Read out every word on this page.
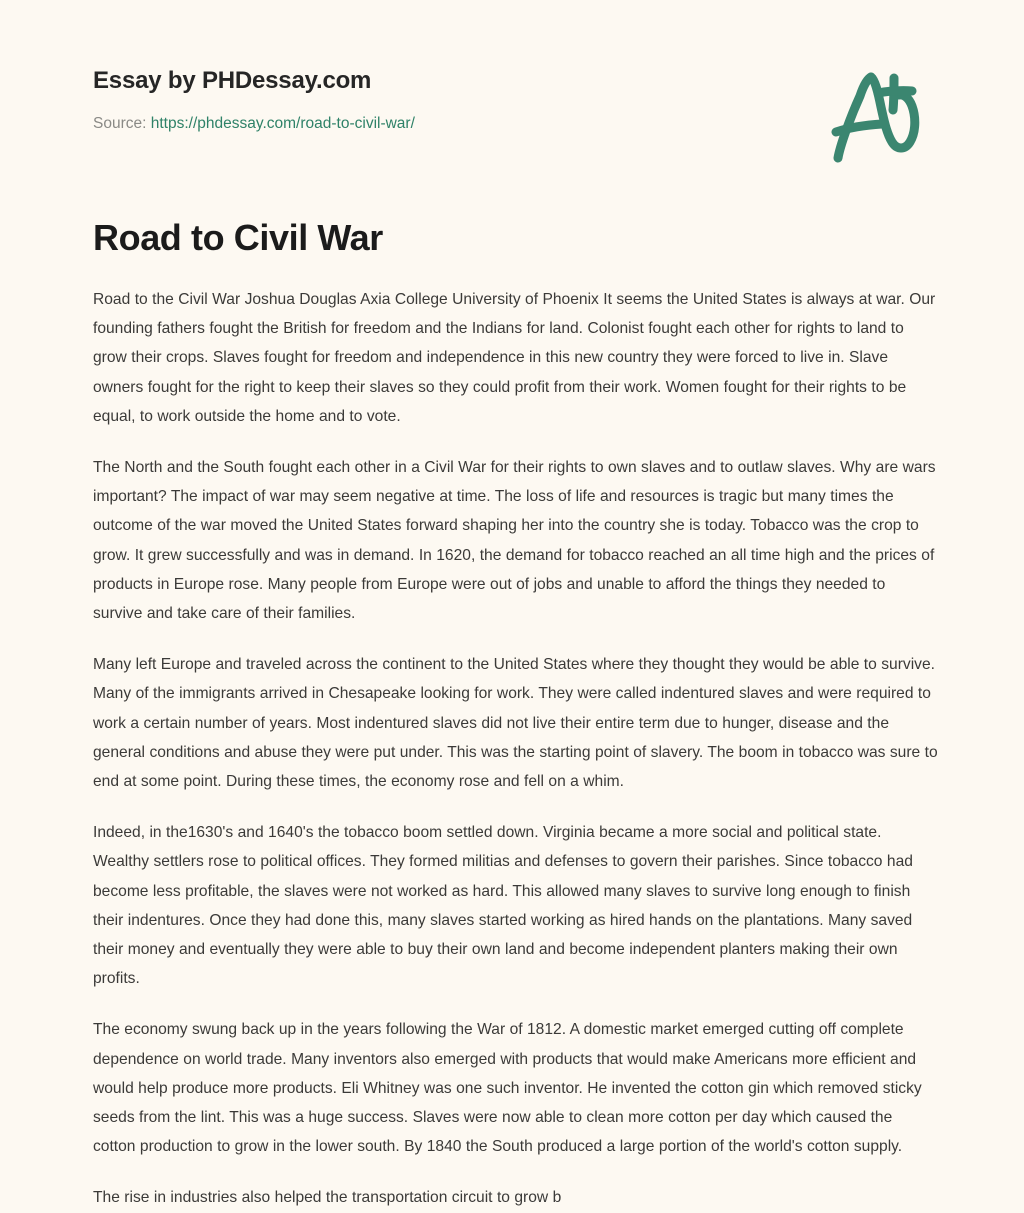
Essay by PHDessay.com
Source: https://phdessay.com/road-to-civil-war/
Road to Civil War

Road to the Civil War Joshua Douglas Axia College University of Phoenix It seems the United States is always at war. Our founding fathers fought the British for freedom and the Indians for land. Colonist fought each other for rights to land to grow their crops. Slaves fought for freedom and independence in this new country they were forced to live in. Slave owners fought for the right to keep their slaves so they could profit from their work. Women fought for their rights to be equal, to work outside the home and to vote.

The North and the South fought each other in a Civil War for their rights to own slaves and to outlaw slaves. Why are wars important? The impact of war may seem negative at time. The loss of life and resources is tragic but many times the outcome of the war moved the United States forward shaping her into the country she is today. Tobacco was the crop to grow. It grew successfully and was in demand. In 1620, the demand for tobacco reached an all time high and the prices of products in Europe rose. Many people from Europe were out of jobs and unable to afford the things they needed to survive and take care of their families.

Many left Europe and traveled across the continent to the United States where they thought they would be able to survive. Many of the immigrants arrived in Chesapeake looking for work. They were called indentured slaves and were required to work a certain number of years. Most indentured slaves did not live their entire term due to hunger, disease and the general conditions and abuse they were put under. This was the starting point of slavery. The boom in tobacco was sure to end at some point. During these times, the economy rose and fell on a whim.

Indeed, in the1630's and 1640's the tobacco boom settled down. Virginia became a more social and political state. Wealthy settlers rose to political offices. They formed militias and defenses to govern their parishes. Since tobacco had become less profitable, the slaves were not worked as hard. This allowed many slaves to survive long enough to finish their indentures. Once they had done this, many slaves started working as hired hands on the plantations. Many saved their money and eventually they were able to buy their own land and become independent planters making their own profits.

The economy swung back up in the years following the War of 1812. A domestic market emerged cutting off complete dependence on world trade. Many inventors also emerged with products that would make Americans more efficient and would help produce more products. Eli Whitney was one such inventor. He invented the cotton gin which removed sticky seeds from the lint. This was a huge success. Slaves were now able to clean more cotton per day which caused the cotton production to grow in the lower south. By 1840 the South produced a large portion of the world's cotton supply.

The rise in industries also helped the transportation circuit to grow b
